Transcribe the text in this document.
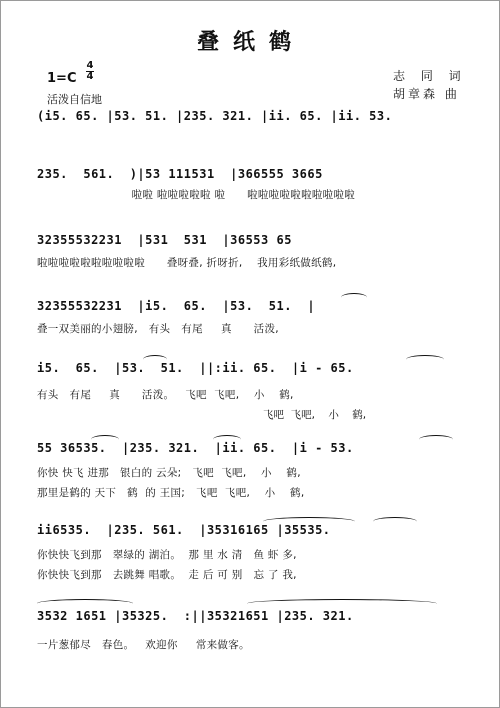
叠纸鹤
1=C
4
4
活泼自信地
志 同 词
胡章森 曲
(i5. 65. |53. 51. |235. 321. |ii. 65. |ii. 53.
235.  561.  )|53 111531  |366555 3665
啦啦 啦啦啦啦啦 啦      啦啦啦啦啦啦啦啦啦啦
32355532231  |531  531  |36553 65
啦啦啦啦啦啦啦啦啦啦      叠呀叠, 折呀折,    我用彩纸做纸鹤,
32355532231  |i5.  65.  |53.  51.  |
叠一双美丽的小翅膀,   有头   有尾     真      活泼,
i5.  65.  |53.  51.  ||:ii. 65.  |i - 65.
有头   有尾     真      活泼。   飞吧  飞吧,    小    鹤,
飞吧  飞吧,    小    鹤,
55 36535.  |235. 321.  |ii. 65.  |i - 53.
你快 快飞 进那   银白的 云朵;   飞吧  飞吧,    小    鹤,
那里是鹤的 天下   鹤  的 王国;   飞吧  飞吧,    小    鹤,
ii6535.  |235. 561.  |35316165 |35535.
你快快飞到那   翠绿的 湖泊。  那 里 水 清   鱼 虾 多,
你快快飞到那   去跳舞 唱歌。  走 后 可 别   忘 了 我,
3532 1651 |35325.  :||35321651 |235. 321.
一片葱郁尽   春色。   欢迎你     常来做客。
